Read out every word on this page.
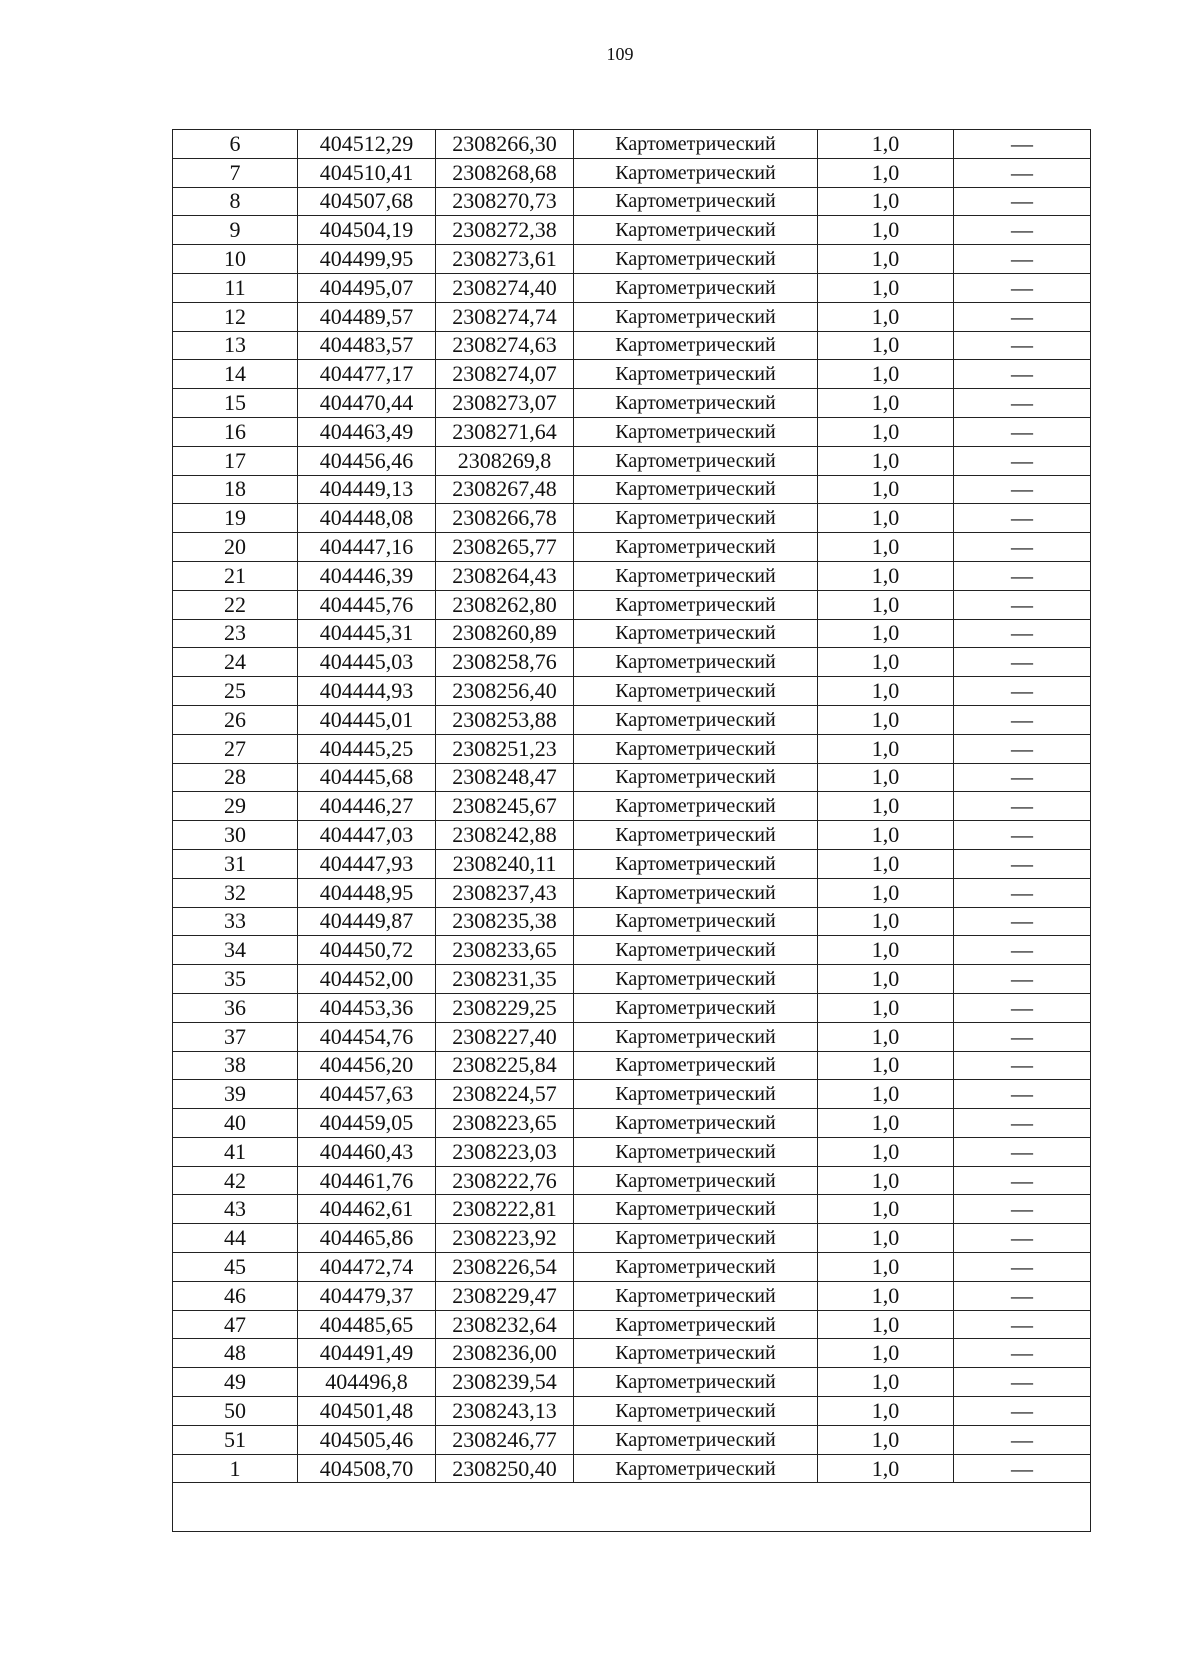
109
6	404512,29	2308266,30	Картометрический	1,0	—
7	404510,41	2308268,68	Картометрический	1,0	—
8	404507,68	2308270,73	Картометрический	1,0	—
9	404504,19	2308272,38	Картометрический	1,0	—
10	404499,95	2308273,61	Картометрический	1,0	—
11	404495,07	2308274,40	Картометрический	1,0	—
12	404489,57	2308274,74	Картометрический	1,0	—
13	404483,57	2308274,63	Картометрический	1,0	—
14	404477,17	2308274,07	Картометрический	1,0	—
15	404470,44	2308273,07	Картометрический	1,0	—
16	404463,49	2308271,64	Картометрический	1,0	—
17	404456,46	2308269,8	Картометрический	1,0	—
18	404449,13	2308267,48	Картометрический	1,0	—
19	404448,08	2308266,78	Картометрический	1,0	—
20	404447,16	2308265,77	Картометрический	1,0	—
21	404446,39	2308264,43	Картометрический	1,0	—
22	404445,76	2308262,80	Картометрический	1,0	—
23	404445,31	2308260,89	Картометрический	1,0	—
24	404445,03	2308258,76	Картометрический	1,0	—
25	404444,93	2308256,40	Картометрический	1,0	—
26	404445,01	2308253,88	Картометрический	1,0	—
27	404445,25	2308251,23	Картометрический	1,0	—
28	404445,68	2308248,47	Картометрический	1,0	—
29	404446,27	2308245,67	Картометрический	1,0	—
30	404447,03	2308242,88	Картометрический	1,0	—
31	404447,93	2308240,11	Картометрический	1,0	—
32	404448,95	2308237,43	Картометрический	1,0	—
33	404449,87	2308235,38	Картометрический	1,0	—
34	404450,72	2308233,65	Картометрический	1,0	—
35	404452,00	2308231,35	Картометрический	1,0	—
36	404453,36	2308229,25	Картометрический	1,0	—
37	404454,76	2308227,40	Картометрический	1,0	—
38	404456,20	2308225,84	Картометрический	1,0	—
39	404457,63	2308224,57	Картометрический	1,0	—
40	404459,05	2308223,65	Картометрический	1,0	—
41	404460,43	2308223,03	Картометрический	1,0	—
42	404461,76	2308222,76	Картометрический	1,0	—
43	404462,61	2308222,81	Картометрический	1,0	—
44	404465,86	2308223,92	Картометрический	1,0	—
45	404472,74	2308226,54	Картометрический	1,0	—
46	404479,37	2308229,47	Картометрический	1,0	—
47	404485,65	2308232,64	Картометрический	1,0	—
48	404491,49	2308236,00	Картометрический	1,0	—
49	404496,8	2308239,54	Картометрический	1,0	—
50	404501,48	2308243,13	Картометрический	1,0	—
51	404505,46	2308246,77	Картометрический	1,0	—
1	404508,70	2308250,40	Картометрический	1,0	—
